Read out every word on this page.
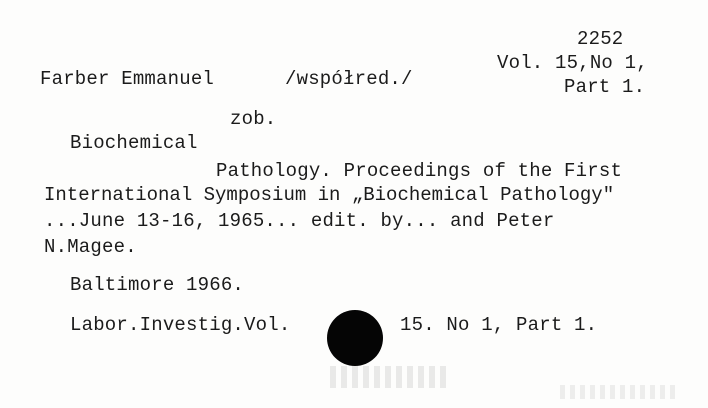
2252
Vol. 15,No 1,
Part 1.
Farber Emmanuel	/współred./
zob.
Biochemical
Pathology. Proceedings of the First
International Symposium in „Biochemical Pathology"
...June 13-16, 1965... edit. by... and Peter
N.Magee.
Baltimore 1966.
Labor.Investig.Vol.	15. No 1, Part 1.
